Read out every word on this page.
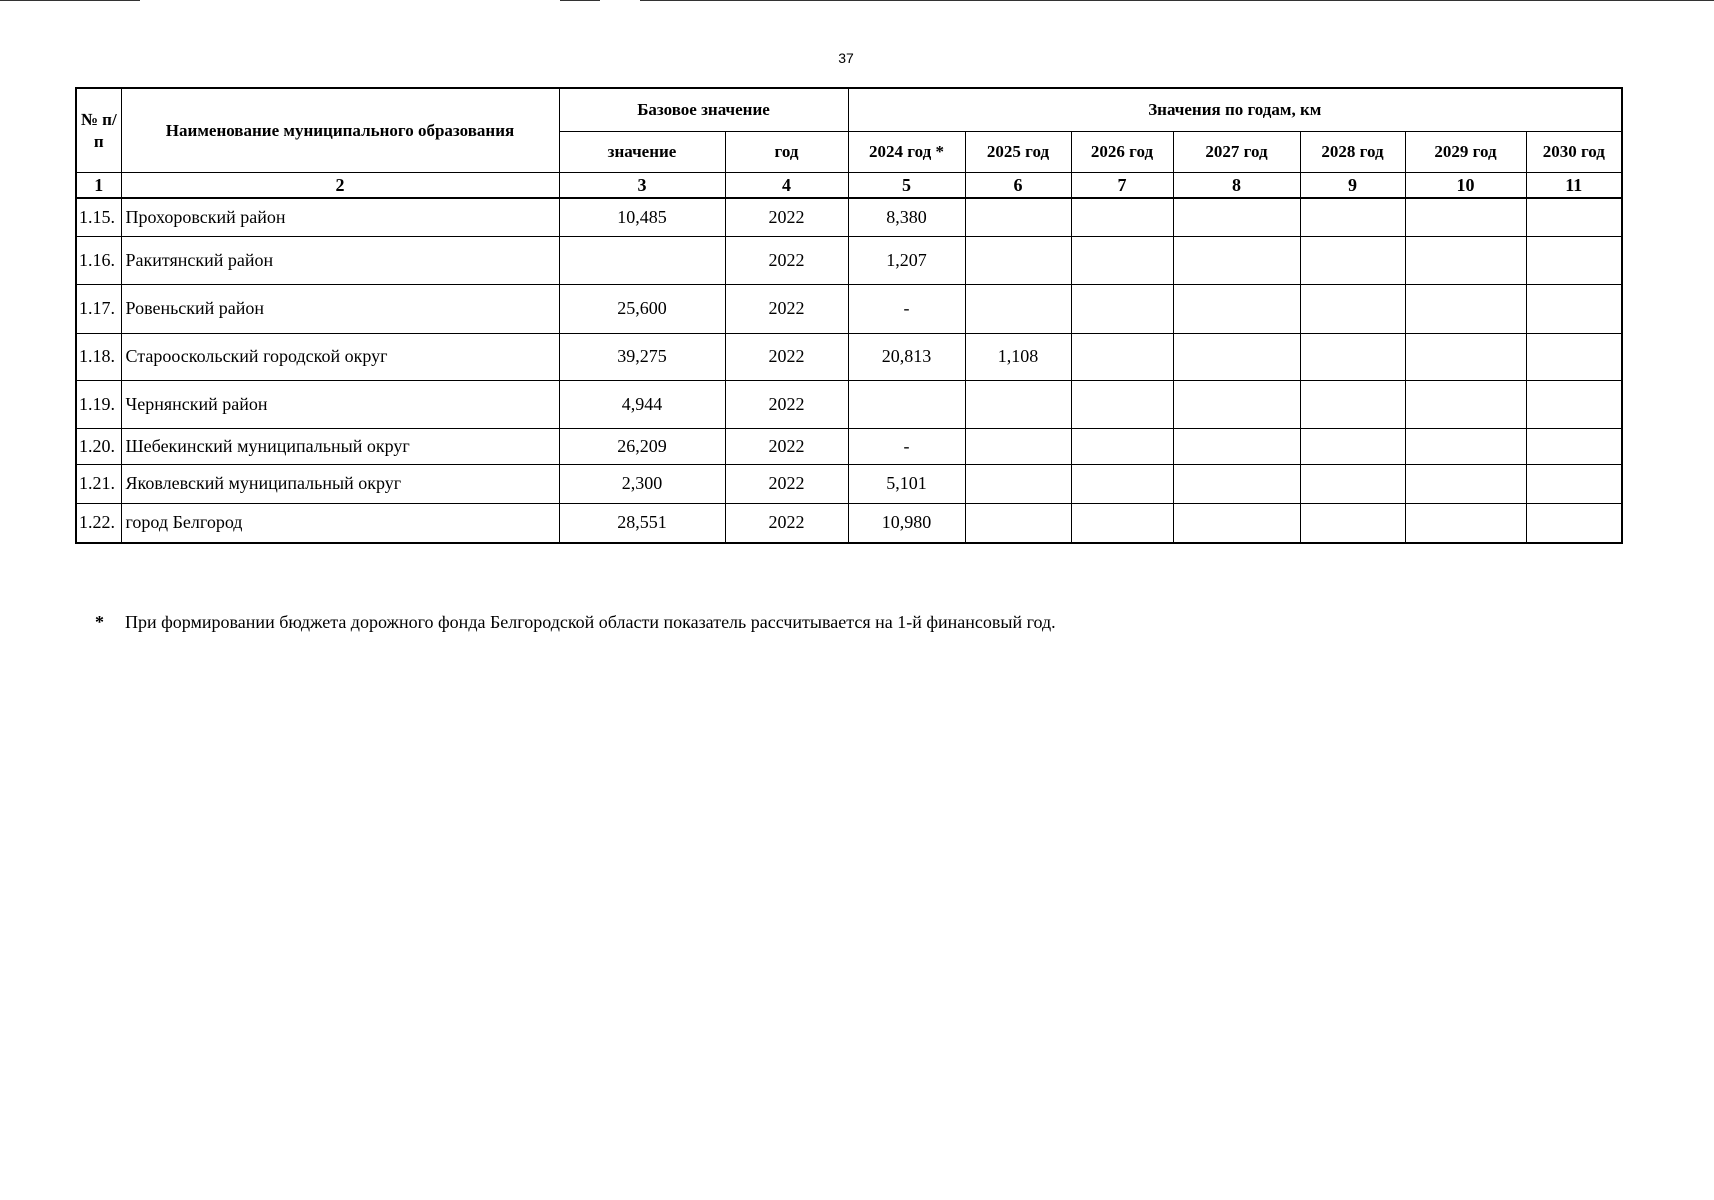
37
№ п/п	Наименование муниципального образования	Базовое значение		Значения по годам, км						
		значение	год	2024 год *	2025 год	2026 год	2027 год	2028 год	2029 год	2030 год
1	2	3	4	5	6	7	8	9	10	11
1.15.	Прохоровский район	10,485	2022	8,380						
1.16.	Ракитянский район		2022	1,207						
1.17.	Ровеньский район	25,600	2022	-						
1.18.	Старооскольский городской округ	39,275	2022	20,813	1,108					
1.19.	Чернянский район	4,944	2022							
1.20.	Шебекинский муниципальный округ	26,209	2022	-						
1.21.	Яковлевский муниципальный округ	2,300	2022	5,101						
1.22.	город Белгород	28,551	2022	10,980						
* При формировании бюджета дорожного фонда Белгородской области показатель рассчитывается на 1-й финансовый год.
